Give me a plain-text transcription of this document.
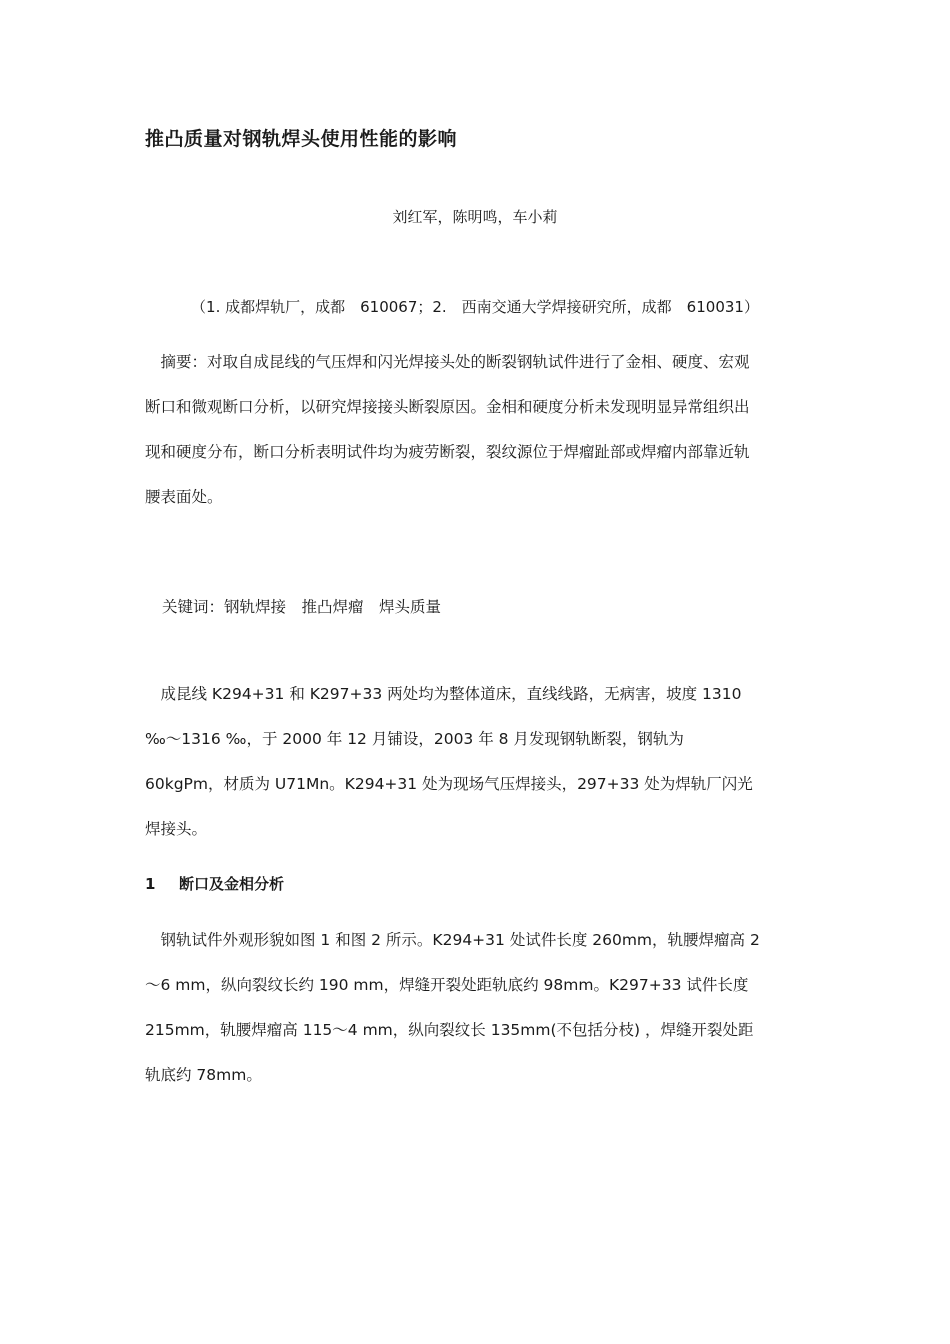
推凸质量对钢轨焊头使用性能的影响
刘红军，陈明鸣，车小莉
（1. 成都焊轨厂，成都　610067；2.　西南交通大学焊接研究所，成都　610031）
　摘要：对取自成昆线的气压焊和闪光焊接头处的断裂钢轨试件进行了金相、硬度、宏观
断口和微观断口分析，以研究焊接接头断裂原因。金相和硬度分析未发现明显异常组织出
现和硬度分布，断口分析表明试件均为疲劳断裂，裂纹源位于焊瘤趾部或焊瘤内部靠近轨
腰表面处。
关键词：钢轨焊接　推凸焊瘤　焊头质量
　成昆线 K294+31 和 K297+33 两处均为整体道床，直线线路，无病害，坡度 1310
‰～1316 ‰，于 2000 年 12 月铺设，2003 年 8 月发现钢轨断裂，钢轨为
60kgPm，材质为 U71Mn。K294+31 处为现场气压焊接头，297+33 处为焊轨厂闪光
焊接头。
1 断口及金相分析
　钢轨试件外观形貌如图 1 和图 2 所示。K294+31 处试件长度 260mm，轨腰焊瘤高 2
～6 mm，纵向裂纹长约 190 mm，焊缝开裂处距轨底约 98mm。K297+33 试件长度
215mm，轨腰焊瘤高 115～4 mm，纵向裂纹长 135mm(不包括分枝) ，焊缝开裂处距
轨底约 78mm。
